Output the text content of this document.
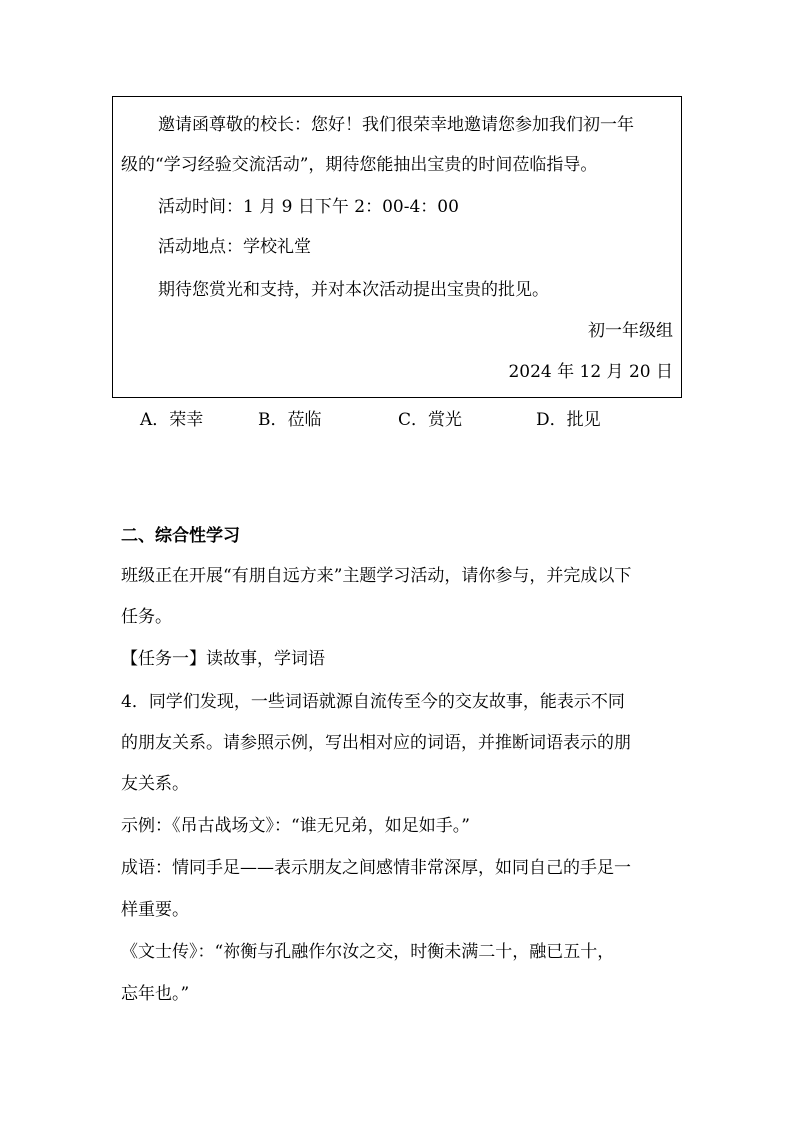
邀请函尊敬的校长：您好！我们很荣幸地邀请您参加我们初一年
级的“学习经验交流活动”，期待您能抽出宝贵的时间莅临指导。
活动时间：1 月 9 日下午 2：00-4：00
活动地点：学校礼堂
期待您赏光和支持，并对本次活动提出宝贵的批见。
初一年级组
2024 年 12 月 20 日
A．荣幸	B．莅临	C．赏光	D．批见
二、综合性学习
班级正在开展“有朋自远方来”主题学习活动，请你参与，并完成以下
任务。
【任务一】读故事，学词语
4．同学们发现，一些词语就源自流传至今的交友故事，能表示不同
的朋友关系。请参照示例，写出相对应的词语，并推断词语表示的朋
友关系。
示例：《吊古战场文》：“谁无兄弟，如足如手。”
成语：情同手足——表示朋友之间感情非常深厚，如同自己的手足一
样重要。
《文士传》：“祢衡与孔融作尔汝之交，时衡未满二十，融已五十，
忘年也。”
